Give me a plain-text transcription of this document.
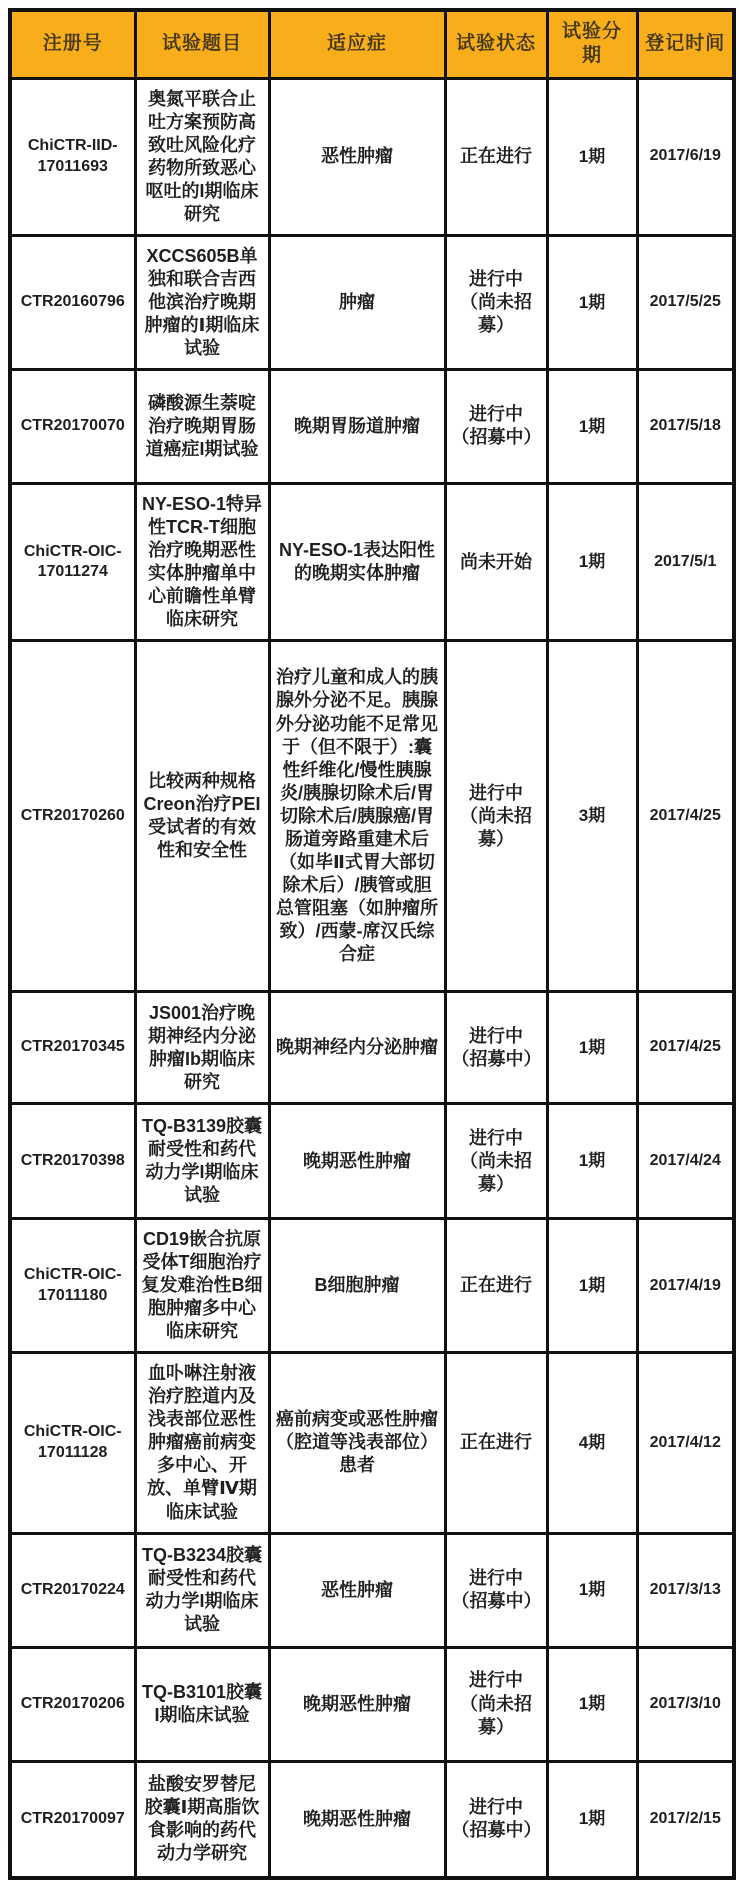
注册号	试验题目	适应症	试验状态	试验分期	登记时间
ChiCTR-IID-17011693	奥氮平联合止吐方案预防高致吐风险化疗药物所致恶心呕吐的I期临床研究	恶性肿瘤	正在进行	1期	2017/6/19
CTR20160796	XCCS605B单独和联合吉西他滨治疗晚期肿瘤的Ⅰ期临床试验	肿瘤	进行中（尚未招募）	1期	2017/5/25
CTR20170070	磷酸源生萘啶治疗晚期胃肠道癌症I期试验	晚期胃肠道肿瘤	进行中（招募中）	1期	2017/5/18
ChiCTR-OIC-17011274	NY-ESO-1特异性TCR-T细胞治疗晚期恶性实体肿瘤单中心前瞻性单臂临床研究	NY-ESO-1表达阳性的晚期实体肿瘤	尚未开始	1期	2017/5/1
CTR20170260	比较两种规格Creon治疗PEI受试者的有效性和安全性	治疗儿童和成人的胰腺外分泌不足。胰腺外分泌功能不足常见于（但不限于）:囊性纤维化/慢性胰腺炎/胰腺切除术后/胃切除术后/胰腺癌/胃肠道旁路重建术后（如毕Ⅱ式胃大部切除术后）/胰管或胆总管阻塞（如肿瘤所致）/西蒙-席汉氏综合症	进行中（尚未招募）	3期	2017/4/25
CTR20170345	JS001治疗晚期神经内分泌肿瘤Ib期临床研究	晚期神经内分泌肿瘤	进行中（招募中）	1期	2017/4/25
CTR20170398	TQ-B3139胶囊耐受性和药代动力学I期临床试验	晚期恶性肿瘤	进行中（尚未招募）	1期	2017/4/24
ChiCTR-OIC-17011180	CD19嵌合抗原受体T细胞治疗复发难治性B细胞肿瘤多中心临床研究	B细胞肿瘤	正在进行	1期	2017/4/19
ChiCTR-OIC-17011128	血卟啉注射液治疗腔道内及浅表部位恶性肿瘤癌前病变多中心、开放、单臂Ⅳ期临床试验	癌前病变或恶性肿瘤（腔道等浅表部位）患者	正在进行	4期	2017/4/12
CTR20170224	TQ-B3234胶囊耐受性和药代动力学I期临床试验	恶性肿瘤	进行中（招募中）	1期	2017/3/13
CTR20170206	TQ-B3101胶囊I期临床试验	晚期恶性肿瘤	进行中（尚未招募）	1期	2017/3/10
CTR20170097	盐酸安罗替尼胶囊Ⅰ期高脂饮食影响的药代动力学研究	晚期恶性肿瘤	进行中（招募中）	1期	2017/2/15
